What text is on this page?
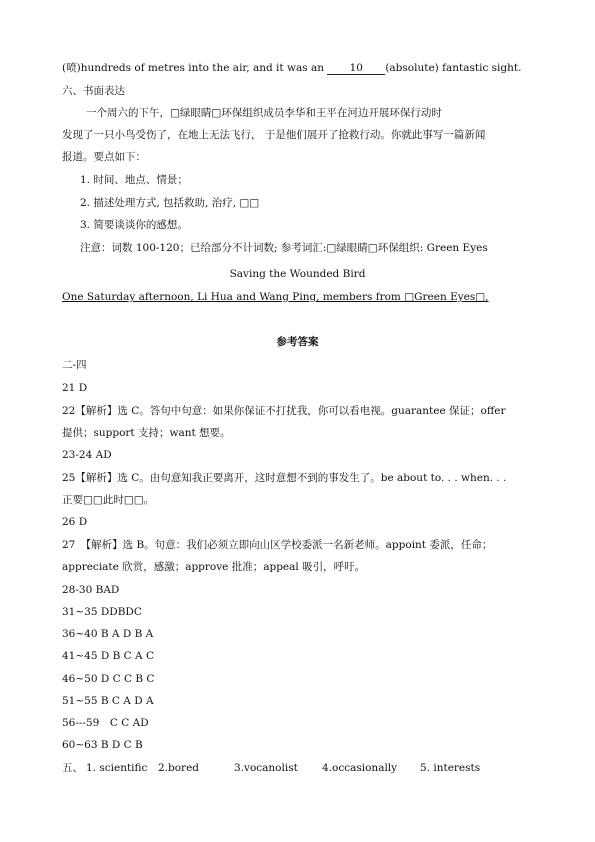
(喷)hundreds of metres into the air, and it was an 10 (absolute) fantastic sight.
六、书面表达
一个周六的下午，□绿眼睛□环保组织成员李华和王平在河边开展环保行动时
发现了一只小鸟受伤了，在地上无法飞行， 于是他们展开了抢救行动。你就此事写一篇新闻
报道。要点如下：
1. 时间、地点、情景；
2. 描述处理方式, 包括救助, 治疗, □□
3. 简要谈谈你的感想。
注意：词数 100-120；已给部分不计词数; 参考词汇:□绿眼睛□环保组织: Green Eyes
Saving the Wounded Bird
One Saturday afternoon, Li Hua and Wang Ping, members from □Green Eyes□,
参考答案
二-四
21 D
22【解析】选 C。答句中句意：如果你保证不打扰我，你可以看电视。guarantee 保证；offer
提供；support 支持；want 想要。
23-24 AD
25【解析】选 C。由句意知我正要离开，这时意想不到的事发生了。be about to. . . when. . .
正要□□此时□□。
26 D
27　【解析】选 B。句意：我们必须立即向山区学校委派一名新老师。appoint 委派，任命；
appreciate 欣赏，感激；approve 批准；appeal 吸引，呼吁。
28-30 BAD
31~35 DDBDC
36~40 B A D B A
41~45 D B C A C
46~50 D C C B C
51~55 B C A D A
56---59　C C AD
60~63 B D C B
五、 1. scientific 2.bored	3.vocanolist 4.occasionally 5. interests
